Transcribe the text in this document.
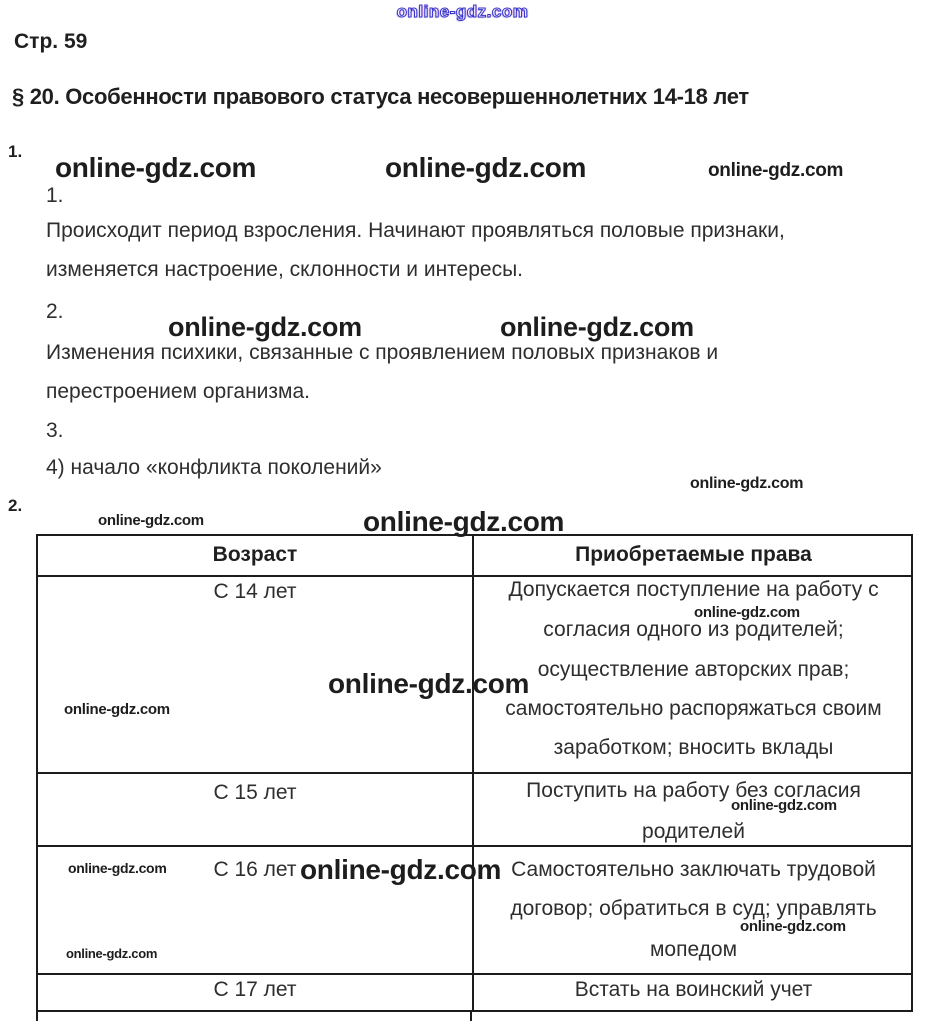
online-gdz.com
Стр. 59
§ 20. Особенности правового статуса несовершеннолетних 14-18 лет
1.
online-gdz.com	online-gdz.com	online-gdz.com
1.
Происходит период взросления. Начинают проявляться половые признаки,
изменяется настроение, склонности и интересы.
2.
online-gdz.com	online-gdz.com
Изменения психики, связанные с проявлением половых признаков и
перестроением организма.
3.
4) начало «конфликта поколений»
online-gdz.com
2.
online-gdz.com	online-gdz.com
Возраст	Приобретаемые права
С 14 лет	Допускается поступление на работу с
согласия одного из родителей;
осуществление авторских прав;
самостоятельно распоряжаться своим
заработком; вносить вклады
С 15 лет	Поступить на работу без согласия
родителей
С 16 лет	Самостоятельно заключать трудовой
договор; обратиться в суд; управлять
мопедом
С 17 лет	Встать на воинский учет
online-gdz.com
online-gdz.com
online-gdz.com
online-gdz.com
online-gdz.com	online-gdz.com
online-gdz.com
online-gdz.com
